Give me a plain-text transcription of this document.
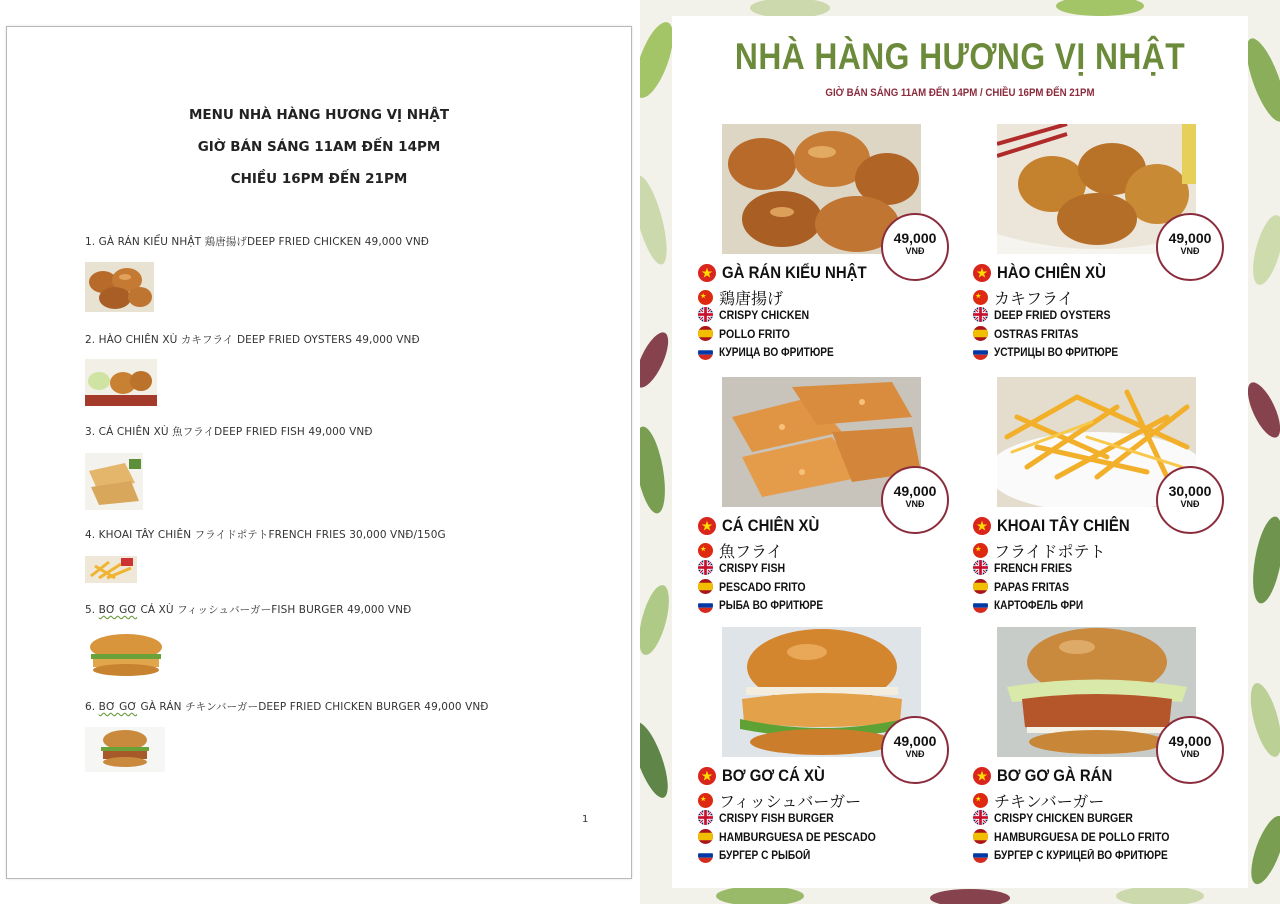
MENU NHÀ HÀNG HƯƠNG VỊ NHẬT
GIỜ BÁN SÁNG 11AM ĐẾN 14PM
CHIỀU 16PM ĐẾN 21PM
1. GÀ RÁN KIỂU NHẬT 鶏唐揚げDEEP FRIED CHICKEN 49,000 VNĐ
2. HÀO CHIÊN XÙ カキフライ DEEP FRIED OYSTERS 49,000 VNĐ
3. CÁ CHIÊN XÙ 魚フライDEEP FRIED FISH 49,000 VNĐ
4. KHOAI TÂY CHIÊN フライドポテトFRENCH FRIES 30,000 VNĐ/150G
5. BƠ GƠ CÁ XÙ フィッシュバーガーFISH BURGER 49,000 VNĐ
6. BƠ GƠ GÀ RÁN チキンバーガーDEEP FRIED CHICKEN BURGER 49,000 VNĐ
1
NHÀ HÀNG HƯƠNG VỊ NHẬT
GIỜ BÁN SÁNG 11AM ĐẾN 14PM / CHIỀU 16PM ĐẾN 21PM
49,000
VNĐ
GÀ RÁN KIỂU NHẬT
鶏唐揚げ
CRISPY CHICKEN
POLLO FRITO
КУРИЦА ВО ФРИТЮРЕ
49,000
VNĐ
HÀO CHIÊN XÙ
カキフライ
DEEP FRIED OYSTERS
OSTRAS FRITAS
УСТРИЦЫ ВО ФРИТЮРЕ
49,000
VNĐ
CÁ CHIÊN XÙ
魚フライ
CRISPY FISH
PESCADO FRITO
РЫБА ВО ФРИТЮРЕ
30,000
VNĐ
KHOAI TÂY CHIÊN
フライドポテト
FRENCH FRIES
PAPAS FRITAS
КАРТОФЕЛЬ ФРИ
49,000
VNĐ
BƠ GƠ CÁ XÙ
フィッシュバーガー
CRISPY FISH BURGER
HAMBURGUESA DE PESCADO
БУРГЕР С РЫБОЙ
49,000
VNĐ
BƠ GƠ GÀ RÁN
チキンバーガー
CRISPY CHICKEN BURGER
HAMBURGUESA DE POLLO FRITO
БУРГЕР С КУРИЦЕЙ ВО ФРИТЮРЕ
